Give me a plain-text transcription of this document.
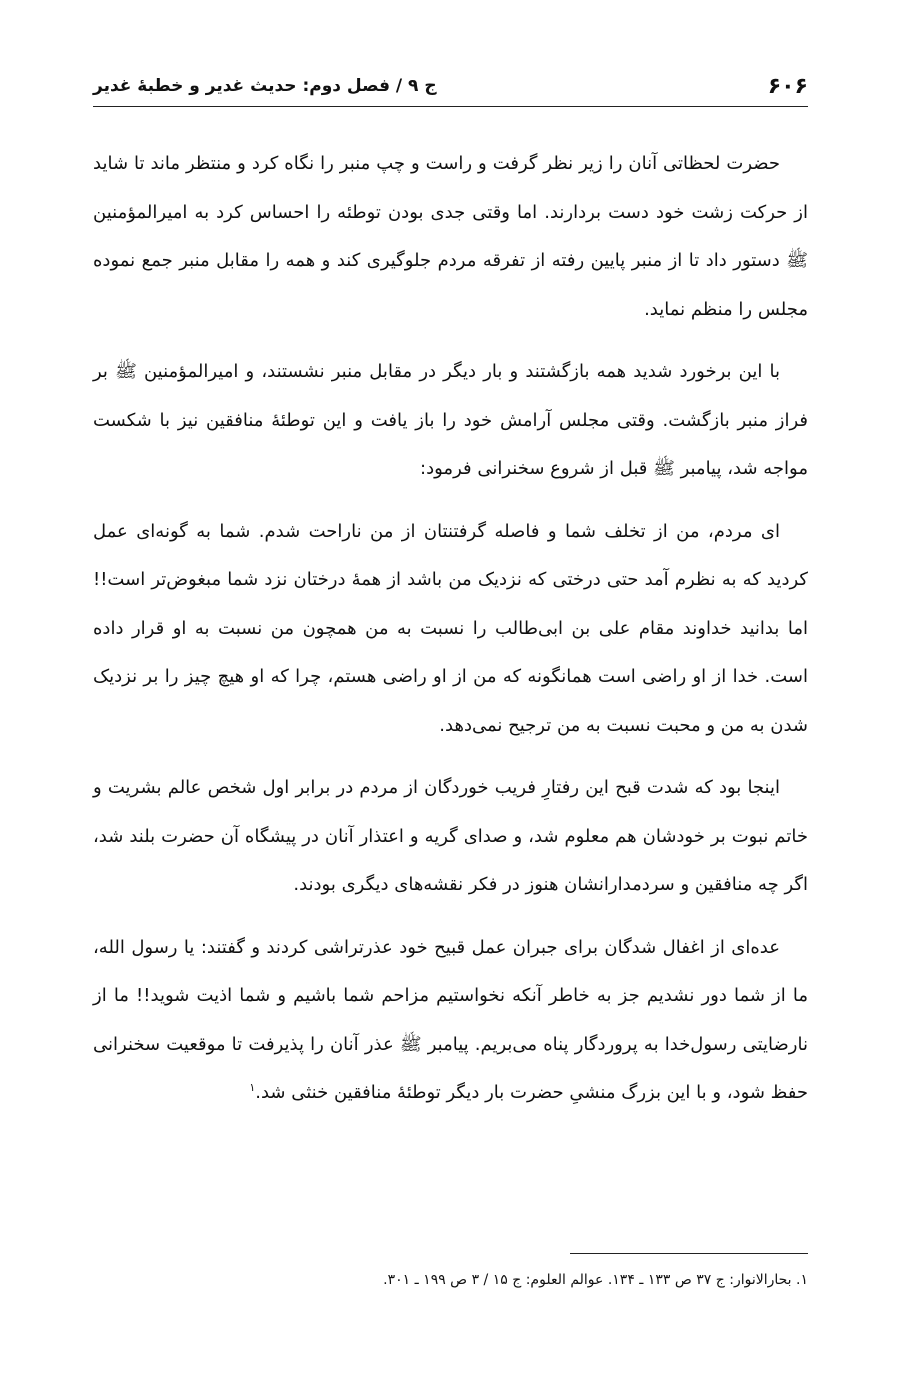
۶۰۶
ج ۹ / فصل دوم: حدیث غدیر و خطبهٔ غدیر

حضرت لحظاتی آنان را زیر نظر گرفت و راست و چپ منبر را نگاه کرد و منتظر ماند تا شاید از حرکت زشت خود دست بردارند. اما وقتی جدی بودن توطئه را احساس کرد به امیرالمؤمنین ﷺ دستور داد تا از منبر پایین رفته از تفرقه مردم جلوگیری کند و همه را مقابل منبر جمع نموده مجلس را منظم نماید.

با این برخورد شدید همه بازگشتند و بار دیگر در مقابل منبر نشستند، و امیرالمؤمنین ﷺ بر فراز منبر بازگشت. وقتی مجلس آرامش خود را باز یافت و این توطئهٔ منافقین نیز با شکست مواجه شد، پیامبر ﷺ قبل از شروع سخنرانی فرمود:

ای مردم، من از تخلف شما و فاصله گرفتنتان از من ناراحت شدم. شما به گونه‌ای عمل کردید که به نظرم آمد حتی درختی که نزدیک من باشد از همهٔ درختان نزد شما مبغوض‌تر است!! اما بدانید خداوند مقام علی بن ابی‌طالب را نسبت به من همچون من نسبت به او قرار داده است. خدا از او راضی است همانگونه که من از او راضی هستم، چرا که او هیچ چیز را بر نزدیک شدن به من و محبت نسبت به من ترجیح نمی‌دهد.

اینجا بود که شدت قبح این رفتارِ فریب خوردگان از مردم در برابر اول شخص عالم بشریت و خاتم نبوت بر خودشان هم معلوم شد، و صدای گریه و اعتذار آنان در پیشگاه آن حضرت بلند شد، اگر چه منافقین و سردمدارانشان هنوز در فکر نقشه‌های دیگری بودند.

عده‌ای از اغفال شدگان برای جبران عمل قبیح خود عذرتراشی کردند و گفتند: یا رسول الله، ما از شما دور نشدیم جز به خاطر آنکه نخواستیم مزاحم شما باشیم و شما اذیت شوید!! ما از نارضایتی رسول‌خدا به پروردگار پناه می‌بریم. پیامبر ﷺ عذر آنان را پذیرفت تا موقعیت سخنرانی حفظ شود، و با این بزرگ منشیِ حضرت بار دیگر توطئهٔ منافقین خنثی شد.$^۱$

۱. بحارالانوار: ج ۳۷ ص ۱۳۳ ـ ۱۳۴. عوالم العلوم: ج ۱۵ / ۳ ص ۱۹۹ ـ ۳۰۱.
